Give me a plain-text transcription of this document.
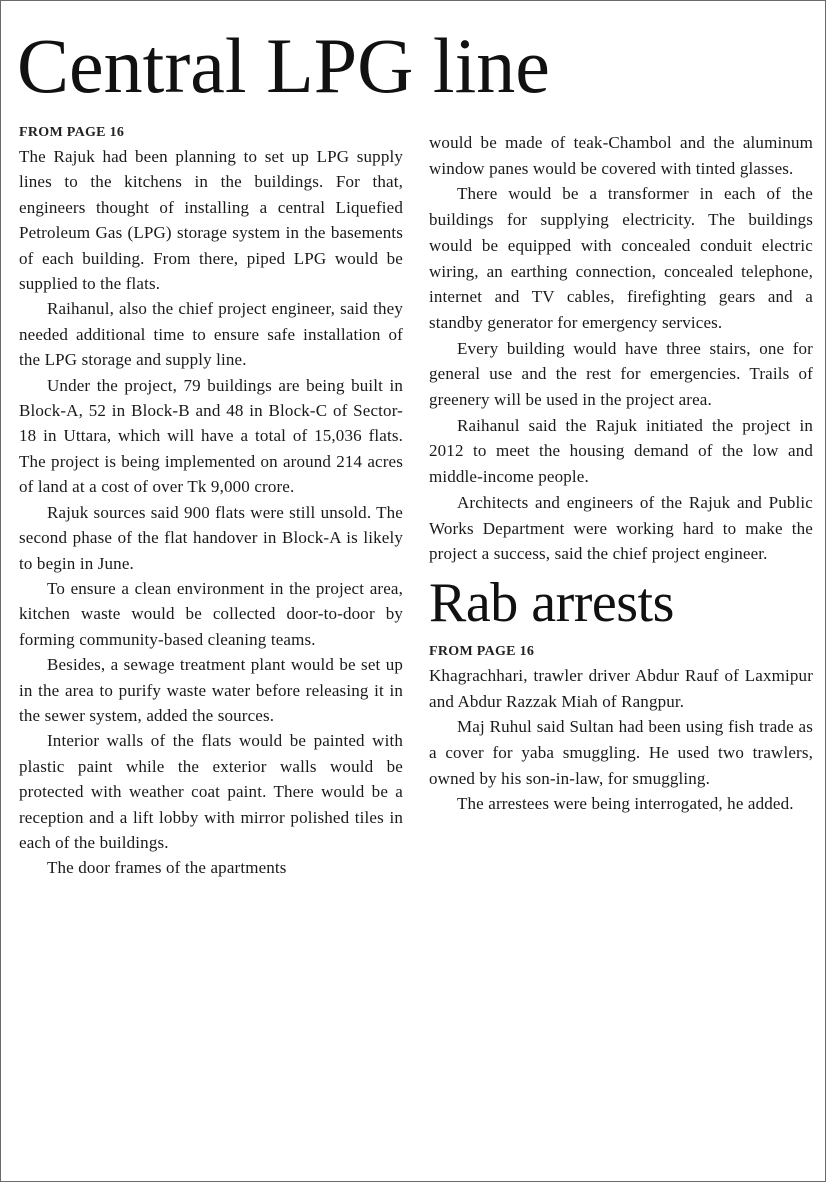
Central LPG line

FROM PAGE 16

The Rajuk had been planning to set up LPG supply lines to the kitchens in the buildings. For that, engineers thought of installing a central Liquefied Petroleum Gas (LPG) storage system in the basements of each building. From there, piped LPG would be supplied to the flats.

Raihanul, also the chief project engineer, said they needed additional time to ensure safe installation of the LPG storage and supply line.

Under the project, 79 buildings are being built in Block-A, 52 in Block-B and 48 in Block-C of Sector-18 in Uttara, which will have a total of 15,036 flats. The project is being implemented on around 214 acres of land at a cost of over Tk 9,000 crore.

Rajuk sources said 900 flats were still unsold. The second phase of the flat handover in Block-A is likely to begin in June.

To ensure a clean environment in the project area, kitchen waste would be collected door-to-door by forming community-based cleaning teams.

Besides, a sewage treatment plant would be set up in the area to purify waste water before releasing it in the sewer system, added the sources.

Interior walls of the flats would be painted with plastic paint while the exterior walls would be protected with weather coat paint. There would be a reception and a lift lobby with mirror polished tiles in each of the buildings.

The door frames of the apartments

would be made of teak-Chambol and the aluminum window panes would be covered with tinted glasses.

There would be a transformer in each of the buildings for supplying electricity. The buildings would be equipped with concealed conduit electric wiring, an earthing connection, concealed telephone, internet and TV cables, firefighting gears and a standby generator for emergency services.

Every building would have three stairs, one for general use and the rest for emergencies. Trails of greenery will be used in the project area.

Raihanul said the Rajuk initiated the project in 2012 to meet the housing demand of the low and middle-income people.

Architects and engineers of the Rajuk and Public Works Department were working hard to make the project a success, said the chief project engineer.

Rab arrests

FROM PAGE 16

Khagrachhari, trawler driver Abdur Rauf of Laxmipur and Abdur Razzak Miah of Rangpur.

Maj Ruhul said Sultan had been using fish trade as a cover for yaba smuggling. He used two trawlers, owned by his son-in-law, for smuggling.

The arrestees were being interrogated, he added.
